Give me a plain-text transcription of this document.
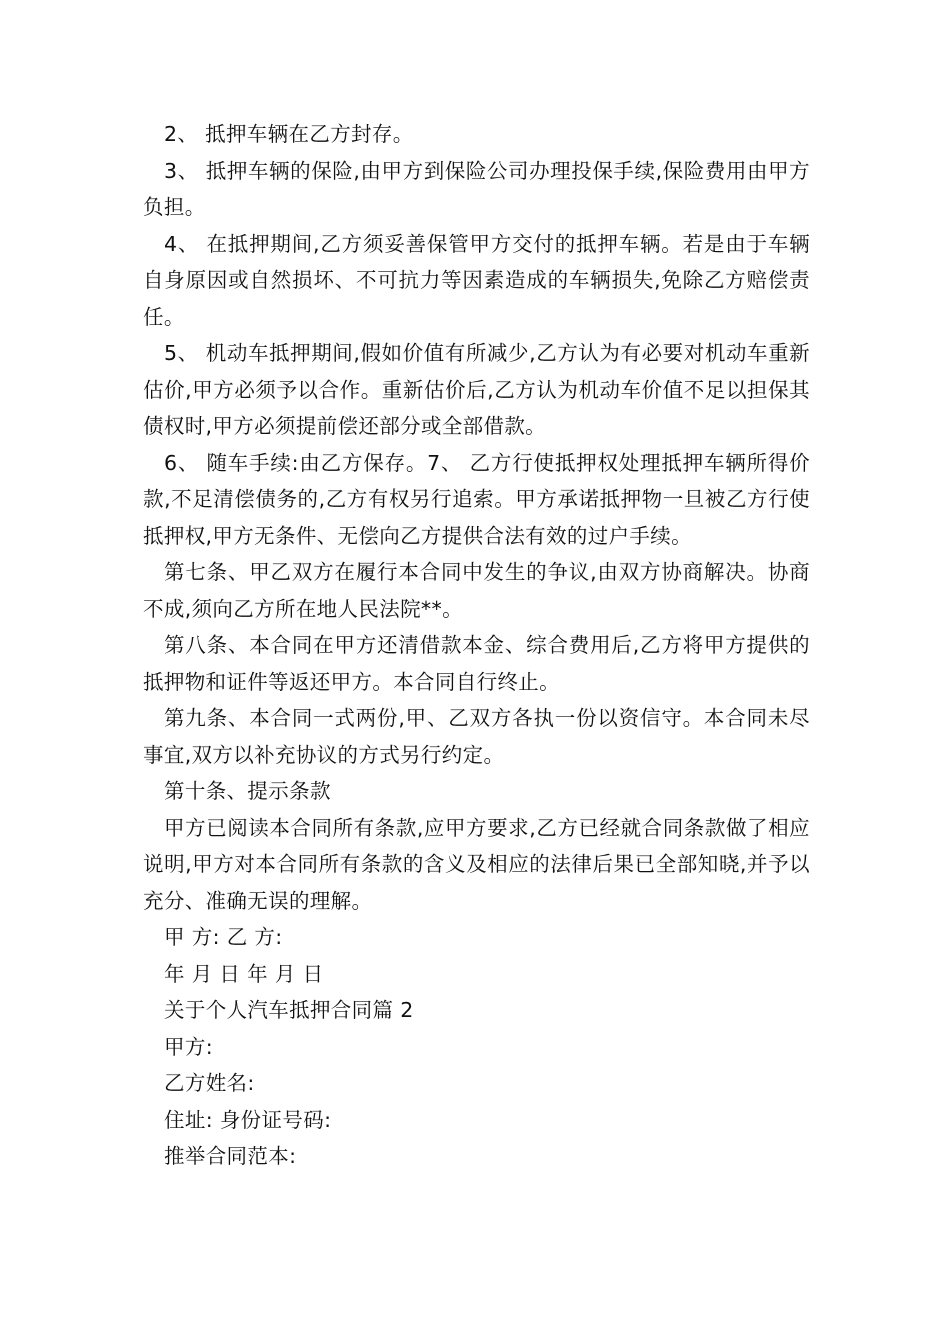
2、 抵押车辆在乙方封存。

3、 抵押车辆的保险,由甲方到保险公司办理投保手续,保险费用由甲方负担。

4、 在抵押期间,乙方须妥善保管甲方交付的抵押车辆。若是由于车辆自身原因或自然损坏、不可抗力等因素造成的车辆损失,免除乙方赔偿责任。

5、 机动车抵押期间,假如价值有所减少,乙方认为有必要对机动车重新估价,甲方必须予以合作。重新估价后,乙方认为机动车价值不足以担保其债权时,甲方必须提前偿还部分或全部借款。

6、 随车手续:由乙方保存。7、 乙方行使抵押权处理抵押车辆所得价款,不足清偿债务的,乙方有权另行追索。甲方承诺抵押物一旦被乙方行使抵押权,甲方无条件、无偿向乙方提供合法有效的过户手续。

第七条、甲乙双方在履行本合同中发生的争议,由双方协商解决。协商不成,须向乙方所在地人民法院**。

第八条、本合同在甲方还清借款本金、综合费用后,乙方将甲方提供的抵押物和证件等返还甲方。本合同自行终止。

第九条、本合同一式两份,甲、乙双方各执一份以资信守。本合同未尽事宜,双方以补充协议的方式另行约定。

第十条、提示条款

甲方已阅读本合同所有条款,应甲方要求,乙方已经就合同条款做了相应说明,甲方对本合同所有条款的含义及相应的法律后果已全部知晓,并予以充分、准确无误的理解。

甲 方: 乙 方:

年 月 日 年 月 日

关于个人汽车抵押合同篇 2

甲方:

乙方姓名:

住址: 身份证号码:

推举合同范本:
